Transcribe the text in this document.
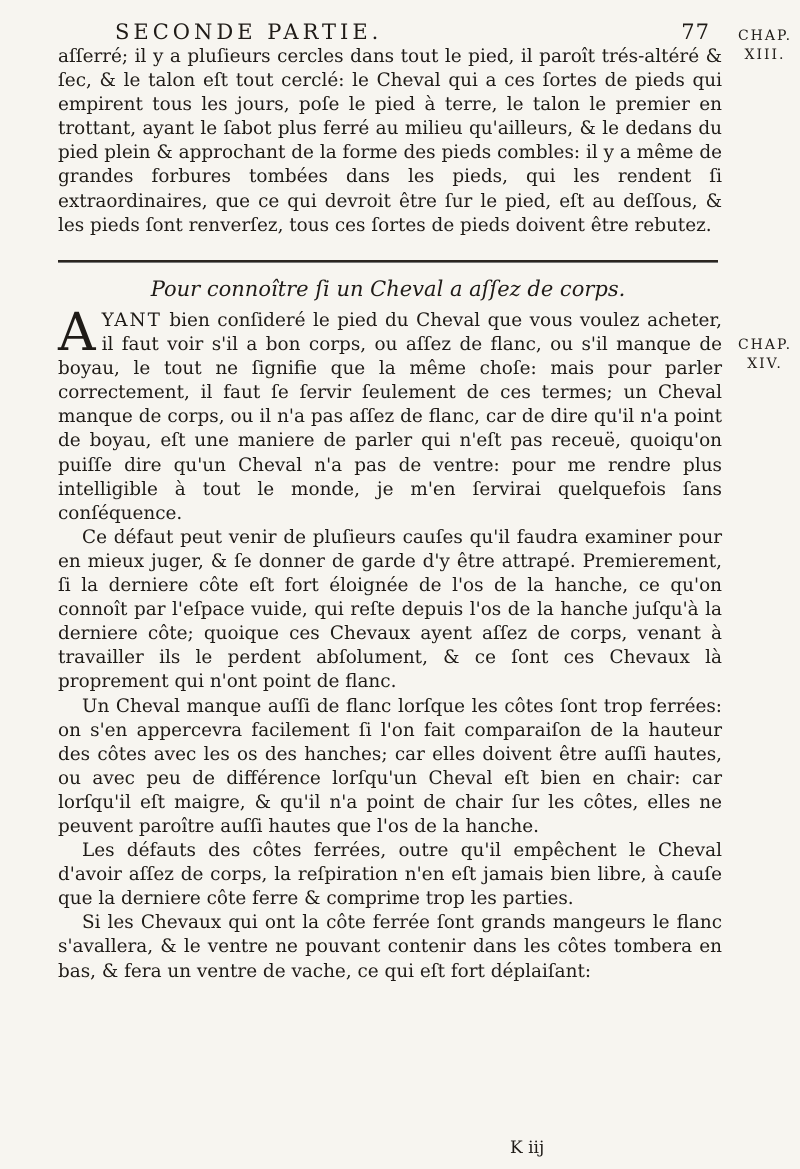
SECONDE PARTIE.	77	CHAP. XIII.
CHAP. XIV.

aſſerré; il y a pluſieurs cercles dans tout le pied, il paroît trés-altéré & ſec, & le talon eſt tout cerclé: le Cheval qui a ces ſortes de pieds qui empirent tous les jours, poſe le pied à terre, le talon le premier en trottant, ayant le ſabot plus ferré au milieu qu'ailleurs, & le dedans du pied plein & approchant de la forme des pieds combles: il y a même de grandes forbures tombées dans les pieds, qui les rendent ſi extraordinaires, que ce qui devroit être ſur le pied, eſt au deſſous, & les pieds ſont renverſez, tous ces ſortes de pieds doivent être rebutez.

Pour connoître ſi un Cheval a aſſez de corps.

AYANT bien conſideré le pied du Cheval que vous voulez acheter, il faut voir s'il a bon corps, ou aſſez de flanc, ou s'il manque de boyau, le tout ne ſignifie que la même choſe: mais pour parler correctement, il faut ſe ſervir ſeulement de ces termes; un Cheval manque de corps, ou il n'a pas aſſez de flanc, car de dire qu'il n'a point de boyau, eſt une maniere de parler qui n'eſt pas receuë, quoiqu'on puiſſe dire qu'un Cheval n'a pas de ventre: pour me rendre plus intelligible à tout le monde, je m'en ſervirai quelquefois ſans conſéquence.

Ce défaut peut venir de pluſieurs cauſes qu'il faudra examiner pour en mieux juger, & ſe donner de garde d'y être attrapé. Premierement, ſi la derniere côte eſt fort éloignée de l'os de la hanche, ce qu'on connoît par l'eſpace vuide, qui reſte depuis l'os de la hanche juſqu'à la derniere côte; quoique ces Chevaux ayent aſſez de corps, venant à travailler ils le perdent abſolument, & ce ſont ces Chevaux là proprement qui n'ont point de flanc.

Un Cheval manque auſſi de flanc lorſque les côtes ſont trop ferrées: on s'en appercevra facilement ſi l'on fait comparaiſon de la hauteur des côtes avec les os des hanches; car elles doivent être auſſi hautes, ou avec peu de différence lorſqu'un Cheval eſt bien en chair: car lorſqu'il eſt maigre, & qu'il n'a point de chair ſur les côtes, elles ne peuvent paroître auſſi hautes que l'os de la hanche.

Les défauts des côtes ferrées, outre qu'il empêchent le Cheval d'avoir aſſez de corps, la reſpiration n'en eſt jamais bien libre, à cauſe que la derniere côte ferre & comprime trop les parties.

Si les Chevaux qui ont la côte ferrée ſont grands mangeurs le flanc s'avallera, & le ventre ne pouvant contenir dans les côtes tombera en bas, & fera un ventre de vache, ce qui eſt fort déplaiſant:

K iij
